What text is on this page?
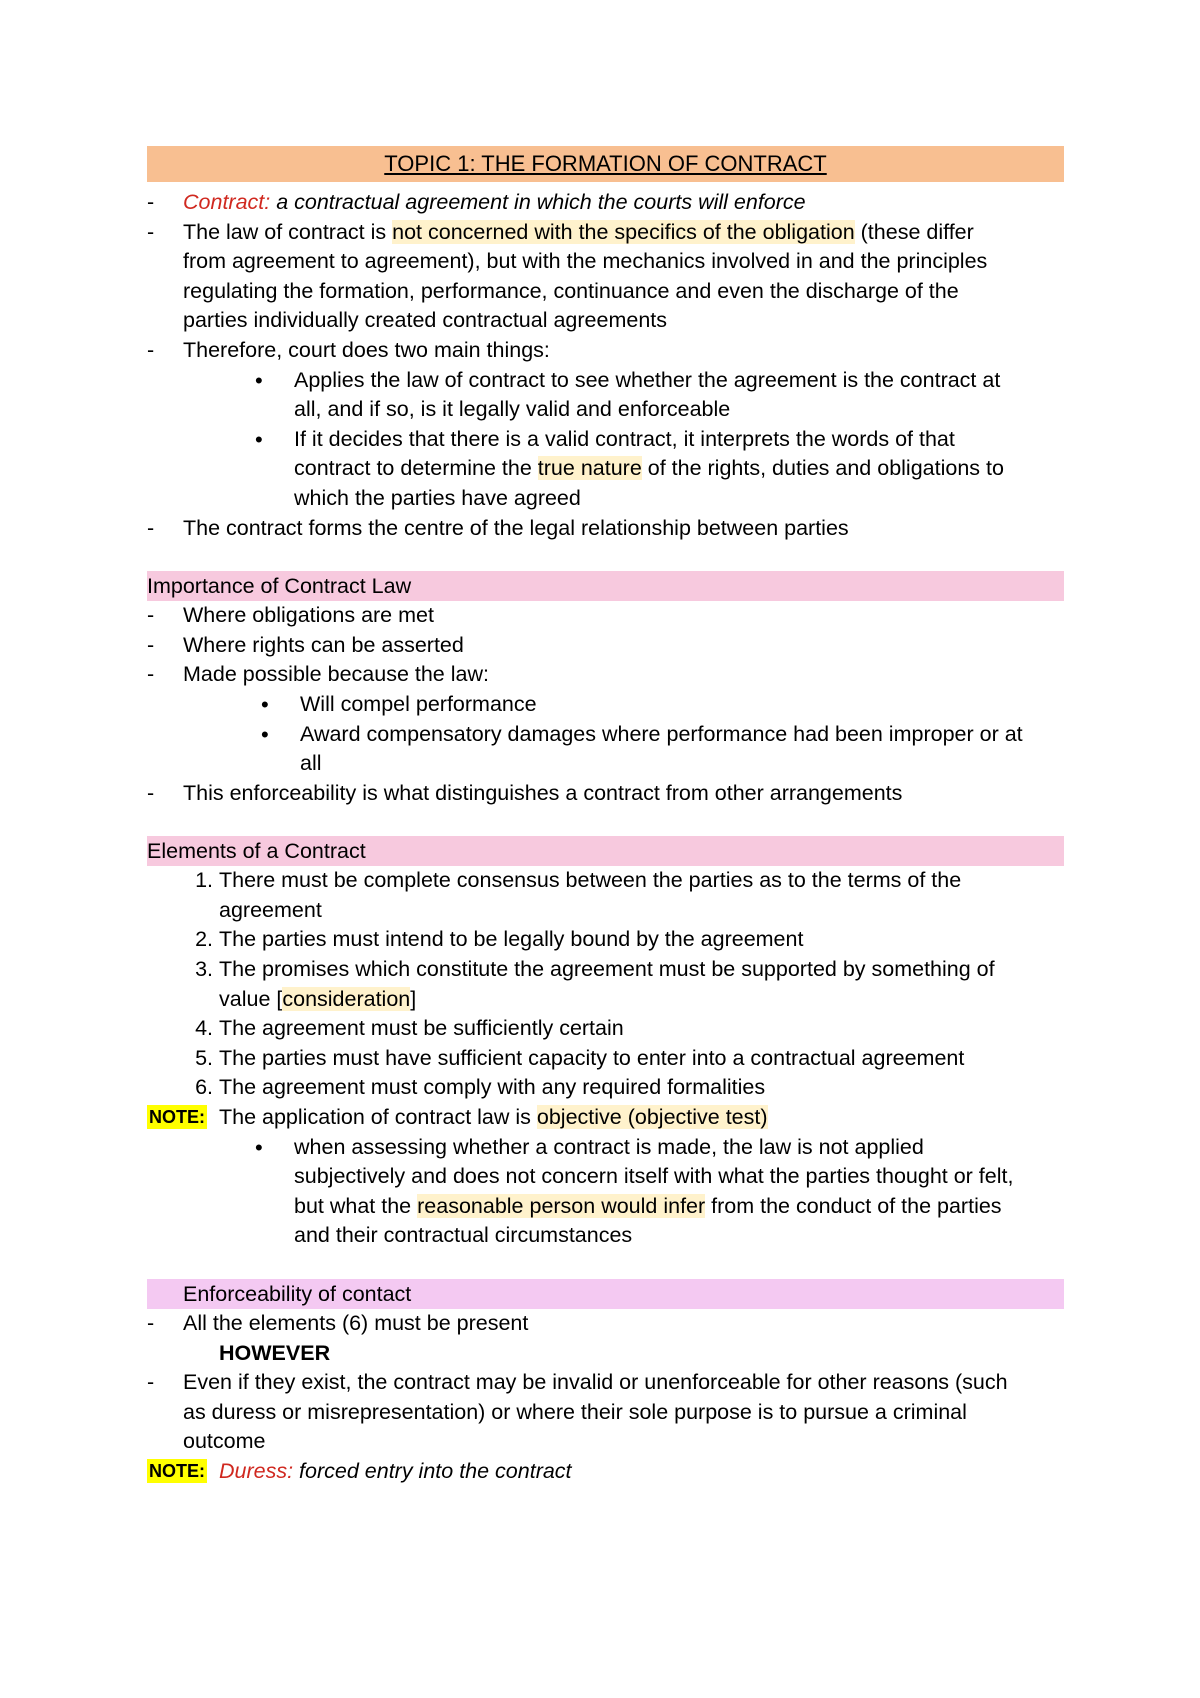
TOPIC 1: THE FORMATION OF CONTRACT
- Contract: a contractual agreement in which the courts will enforce
- The law of contract is not concerned with the specifics of the obligation (these differ
from agreement to agreement), but with the mechanics involved in and the principles
regulating the formation, performance, continuance and even the discharge of the
parties individually created contractual agreements
- Therefore, court does two main things:
• Applies the law of contract to see whether the agreement is the contract at
all, and if so, is it legally valid and enforceable
• If it decides that there is a valid contract, it interprets the words of that
contract to determine the true nature of the rights, duties and obligations to
which the parties have agreed
- The contract forms the centre of the legal relationship between parties
Importance of Contract Law
- Where obligations are met
- Where rights can be asserted
- Made possible because the law:
• Will compel performance
• Award compensatory damages where performance had been improper or at
all
- This enforceability is what distinguishes a contract from other arrangements
Elements of a Contract
1. There must be complete consensus between the parties as to the terms of the
agreement
2. The parties must intend to be legally bound by the agreement
3. The promises which constitute the agreement must be supported by something of
value [consideration]
4. The agreement must be sufficiently certain
5. The parties must have sufficient capacity to enter into a contractual agreement
6. The agreement must comply with any required formalities
NOTE: The application of contract law is objective (objective test)
• when assessing whether a contract is made, the law is not applied
subjectively and does not concern itself with what the parties thought or felt,
but what the reasonable person would infer from the conduct of the parties
and their contractual circumstances
Enforceability of contact
- All the elements (6) must be present
HOWEVER
- Even if they exist, the contract may be invalid or unenforceable for other reasons (such
as duress or misrepresentation) or where their sole purpose is to pursue a criminal
outcome
NOTE: Duress: forced entry into the contract
